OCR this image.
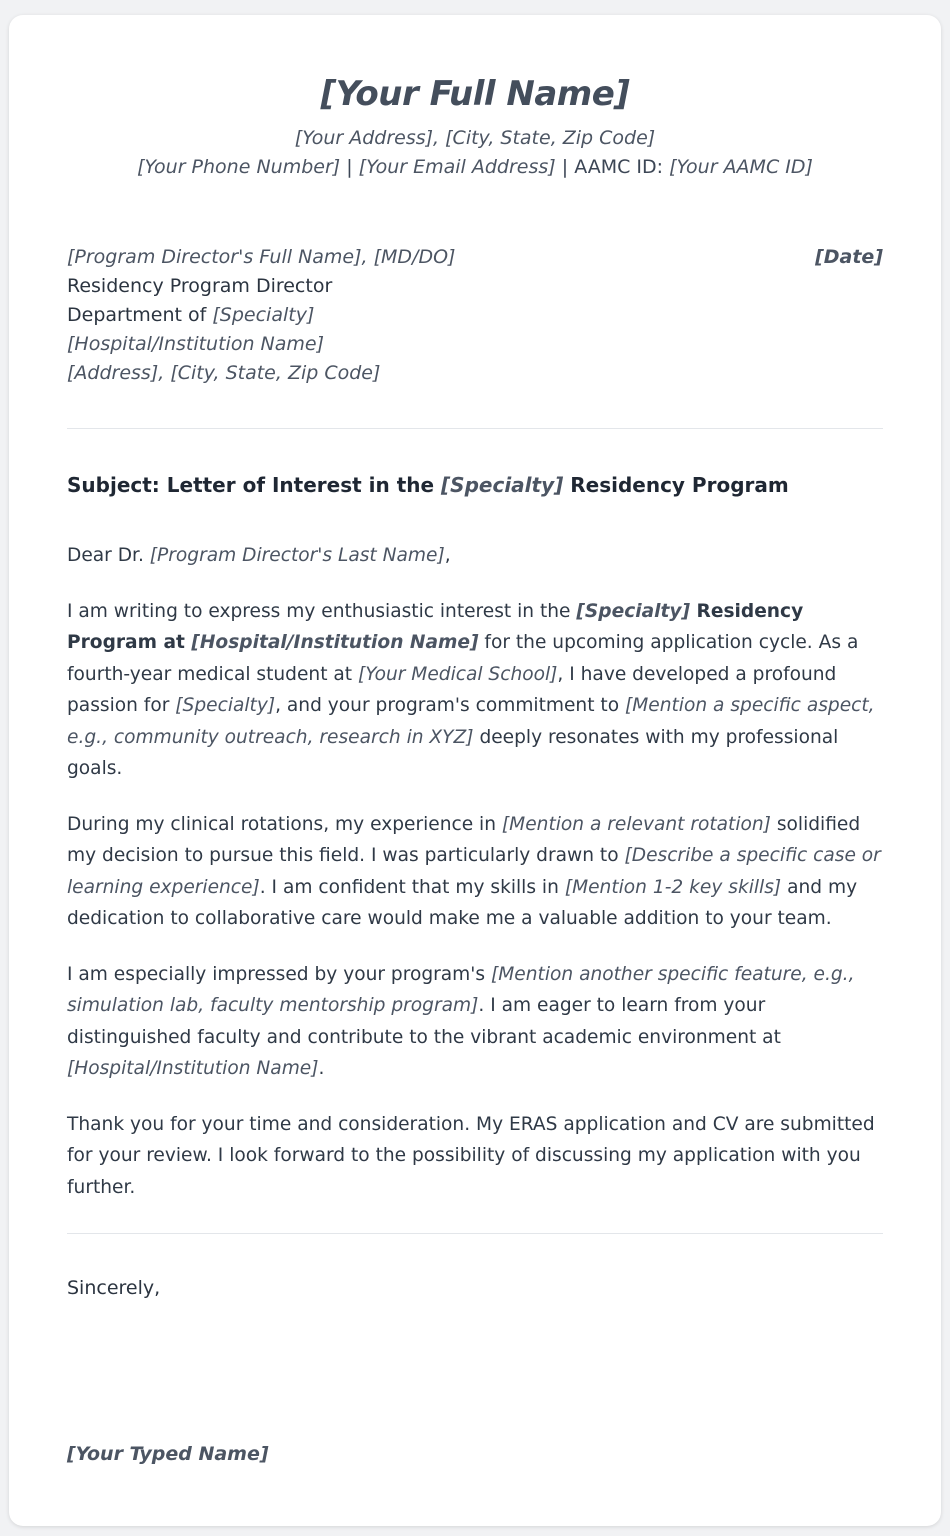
[Your Full Name]
[Your Address], [City, State, Zip Code]
[Your Phone Number] | [Your Email Address] | AAMC ID: [Your AAMC ID]
[Date]
[Program Director's Full Name], [MD/DO]
Residency Program Director
Department of [Specialty]
[Hospital/Institution Name]
[Address], [City, State, Zip Code]
Subject: Letter of Interest in the [Specialty] Residency Program

Dear Dr. [Program Director's Last Name],

I am writing to express my enthusiastic interest in the [Specialty] Residency Program at [Hospital/Institution Name] for the upcoming application cycle. As a fourth-year medical student at [Your Medical School], I have developed a profound passion for [Specialty], and your program's commitment to [Mention a specific aspect, e.g., community outreach, research in XYZ] deeply resonates with my professional goals.

During my clinical rotations, my experience in [Mention a relevant rotation] solidified my decision to pursue this field. I was particularly drawn to [Describe a specific case or learning experience]. I am confident that my skills in [Mention 1-2 key skills] and my dedication to collaborative care would make me a valuable addition to your team.

I am especially impressed by your program's [Mention another specific feature, e.g., simulation lab, faculty mentorship program]. I am eager to learn from your distinguished faculty and contribute to the vibrant academic environment at [Hospital/Institution Name].

Thank you for your time and consideration. My ERAS application and CV are submitted for your review. I look forward to the possibility of discussing my application with you further.

Sincerely,
[Your Typed Name]
